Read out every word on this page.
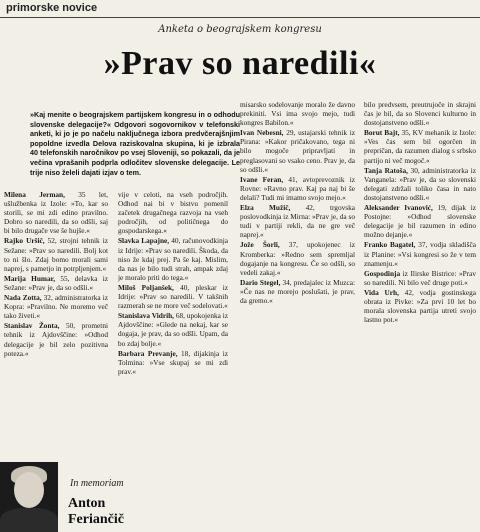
primorske novice
Anketa o beograjskem kongresu
»Prav so naredili«
»Kaj menite o beograjskem partijskem kongresu in o odhodu slovenske delegacije?« Odgovori sogovornikov v telefonski anketi, ki jo je po načelu naključnega izbora predvčerajšnjim popoldne izvedla Delova raziskovalna skupina, ki je izbrala 40 telefonskih naročnikov po vsej Sloveniji, so pokazali, da je večina vprašanih podprla odločitev slovenske delegacije. Le trije niso želeli dajati izjav o tem.

Milena Jerman, 35 let, ušlužbenka iz Izole: »To, kar so storili, se mi zdi edino pravilno. Dobro so naredili, da so odšli, saj bi bilo drugače vse še hujše.«

Rajko Uršič, 52, strojni tehnik iz Sežane: »Prav so naredili. Bolj kot to ni šlo. Zdaj bomo morali sami naprej, s pametjo in potrpljenjem.«

Marija Humar, 55, delavka iz Sežane: »Prav je, da so odšli.«

Nada Zotta, 32, administratorka iz Kopra: »Pravilno. Ne moremo več tako živeti.«

Stanislav Žonta, 50, prometni tehnik iz Ajdovščine: »Odhod delegacije je bil zelo pozitivna poteza.«

vije v celoti, na vseh področjih. Odhod nai bi v bistvu pomenil začetek drugačnega razvoja na vseh področjih, od političnega do gospodarskega.«

Slavka Lapajne, 40, računovodkinja iz Idrije: »Prav so naredili. Škoda, da niso že kdaj prej. Pa še kaj. Mislim, da nas je bilo tudi strah, ampak zdaj je moralo priti do tega.«

Miloš Poljanšek, 40, pleskar iz Idrije: »Prav so naredili. V takšnih razmerah se ne more več sodelovati.«

Stanislava Vidrih, 68, upokojenka iz Ajdovščine: »Glede na nekaj, kar se dogaja, je prav, da so odšli. Upam, da bo zdaj bolje.«

Barbara Prevanje, 18, dijakinja iz Tolmina: »Vse skupaj se mi zdi prav.«

misarsko sodelovanje moralo že davno prekiniti. Vsi ima svojo mejo, tudi kongres Babilon.«

Ivan Nebesni, 29, ustajarski tehnik iz Pirana: »Kakor pričakovano, tega ni bilo mogoče pripravljati in preglasovani so vsako ceno. Prav je, da so odšli.«

Ivane Feran, 41, avtoprevoznik iz Rovne: »Ravno prav. Kaj pa naj bi še delali? Tudi mi imamo svojo mejo.«

Elza Mužič, 42, trgovska poslovodkinja iz Mirna: »Prav je, da so tudi v partiji rekli, da ne gre več naprej.«

Jože Šorli, 37, upokojenec iz Kromberka: »Redno sem spremljal dogajanje na kongresu. Če so odšli, so vedeli zakaj.«

Dario Stegel, 34, predajalec iz Muzca: »Če nas ne morejo poslušati, je prav, da gremo.«

bilo predvsem, preutrujoče in skrajni čas je bil, da so Slovenci kulturno in dostojanstveno odšli.«

Borut Bajt, 35, KV mehanik iz Izole: »Ves čas sem bil ogorčen in prepričan, da razumen dialog s srbsko partijo ni več mogoč.«

Tanja Ratoša, 30, administratorka iz Vanganela: »Prav je, da so slovenski delegati zdržali toliko časa in nato dostojanstveno odšli.«

Aleksander Ivanović, 19, dijak iz Postojne: »Odhod slovenske delegacije je bil razumen in edino možno dejanje.«

Franko Bagatel, 37, vodja skladišča iz Planine: »Vsi kongresi so že v tem znamenju.«

Gospodinja iz Ilirske Bistrice: »Prav so naredili. Ni bilo več druge poti.«

Vida Urh, 42, vodja gostinskega obrata iz Pivke: »Za prvi 10 let bo morala slovenska partija utreti svojo lastno pot.«

In memoriam
Anton Feriančič
